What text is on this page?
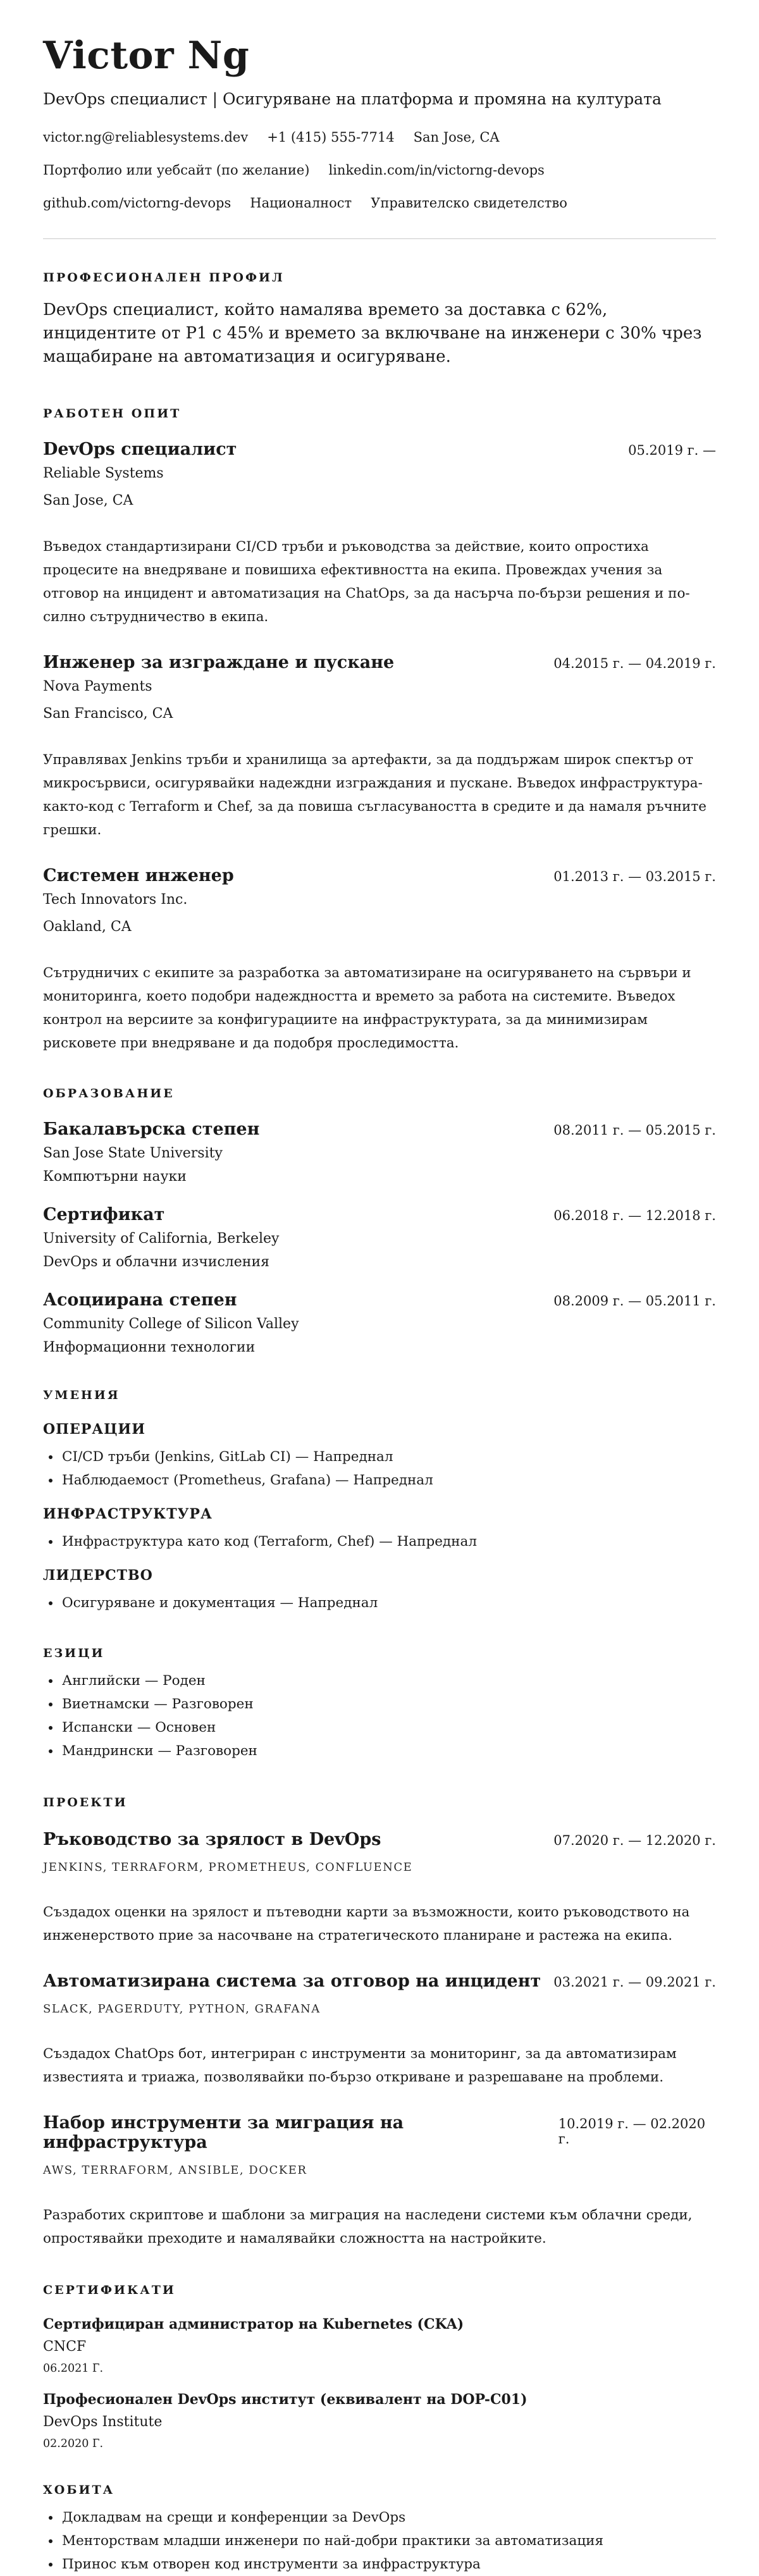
Victor Ng
DevOps специалист | Осигуряване на платформа и промяна на културата
victor.ng@reliablesystems.dev +1 (415) 555-7714 San Jose, CA
Портфолио или уебсайт (по желание) linkedin.com/in/victorng-devops
github.com/victorng-devops Националност Управителско свидетелство
ПРОФЕСИОНАЛЕН ПРОФИЛ
DevOps специалист, който намалява времето за доставка с 62%, инцидентите от P1 с 45% и времето за включване на инженери с 30% чрез мащабиране на автоматизация и осигуряване.
РАБОТЕН ОПИТ
DevOps специалист	05.2019 г. —
Reliable Systems
San Jose, CA
Въведох стандартизирани CI/CD тръби и ръководства за действие, които опростиха процесите на внедряване и повишиха ефективността на екипа. Провеждах учения за отговор на инцидент и автоматизация на ChatOps, за да насърча по-бързи решения и по-силно сътрудничество в екипа.
Инженер за изграждане и пускане	04.2015 г. — 04.2019 г.
Nova Payments
San Francisco, CA
Управлявах Jenkins тръби и хранилища за артефакти, за да поддържам широк спектър от микросървиси, осигурявайки надеждни изграждания и пускане. Въведох инфраструктура-както-код с Terraform и Chef, за да повиша съгласуваността в средите и да намаля ръчните грешки.
Системен инженер	01.2013 г. — 03.2015 г.
Tech Innovators Inc.
Oakland, CA
Сътрудничих с екипите за разработка за автоматизиране на осигуряването на сървъри и мониторинга, което подобри надеждността и времето за работа на системите. Въведох контрол на версиите за конфигурациите на инфраструктурата, за да минимизирам рисковете при внедряване и да подобря проследимостта.
ОБРАЗОВАНИЕ
Бакалавърска степен	08.2011 г. — 05.2015 г.
San Jose State University
Компютърни науки
Сертификат	06.2018 г. — 12.2018 г.
University of California, Berkeley
DevOps и облачни изчисления
Асоциирана степен	08.2009 г. — 05.2011 г.
Community College of Silicon Valley
Информационни технологии
УМЕНИЯ
ОПЕРАЦИИ
• CI/CD тръби (Jenkins, GitLab CI) — Напреднал
• Наблюдаемост (Prometheus, Grafana) — Напреднал
ИНФРАСТРУКТУРА
• Инфраструктура като код (Terraform, Chef) — Напреднал
ЛИДЕРСТВО
• Осигуряване и документация — Напреднал
ЕЗИЦИ
• Английски — Роден
• Виетнамски — Разговорен
• Испански — Основен
• Мандрински — Разговорен
ПРОЕКТИ
Ръководство за зрялост в DevOps	07.2020 г. — 12.2020 г.
JENKINS, TERRAFORM, PROMETHEUS, CONFLUENCE
Създадох оценки на зрялост и пътеводни карти за възможности, които ръководството на инженерството прие за насочване на стратегическото планиране и растежа на екипа.
Автоматизирана система за отговор на инцидент 03.2021 г. — 09.2021 г.
SLACK, PAGERDUTY, PYTHON, GRAFANA
Създадох ChatOps бот, интегриран с инструменти за мониторинг, за да автоматизирам известията и триажа, позволявайки по-бързо откриване и разрешаване на проблеми.
Набор инструменти за миграция на инфраструктура
10.2019 г. — 02.2020 г.
AWS, TERRAFORM, ANSIBLE, DOCKER
Разработих скриптове и шаблони за миграция на наследени системи към облачни среди, опростявайки преходите и намалявайки сложността на настройките.
СЕРТИФИКАТИ
Сертифициран администратор на Kubernetes (CKA)
CNCF
06.2021 Г.
Професионален DevOps институт (еквивалент на DOP-C01)
DevOps Institute
02.2020 Г.
ХОБИТА
• Докладвам на срещи и конференции за DevOps
• Менторствам младши инженери по най-добри практики за автоматизация
• Принос към отворен код инструменти за инфраструктура
